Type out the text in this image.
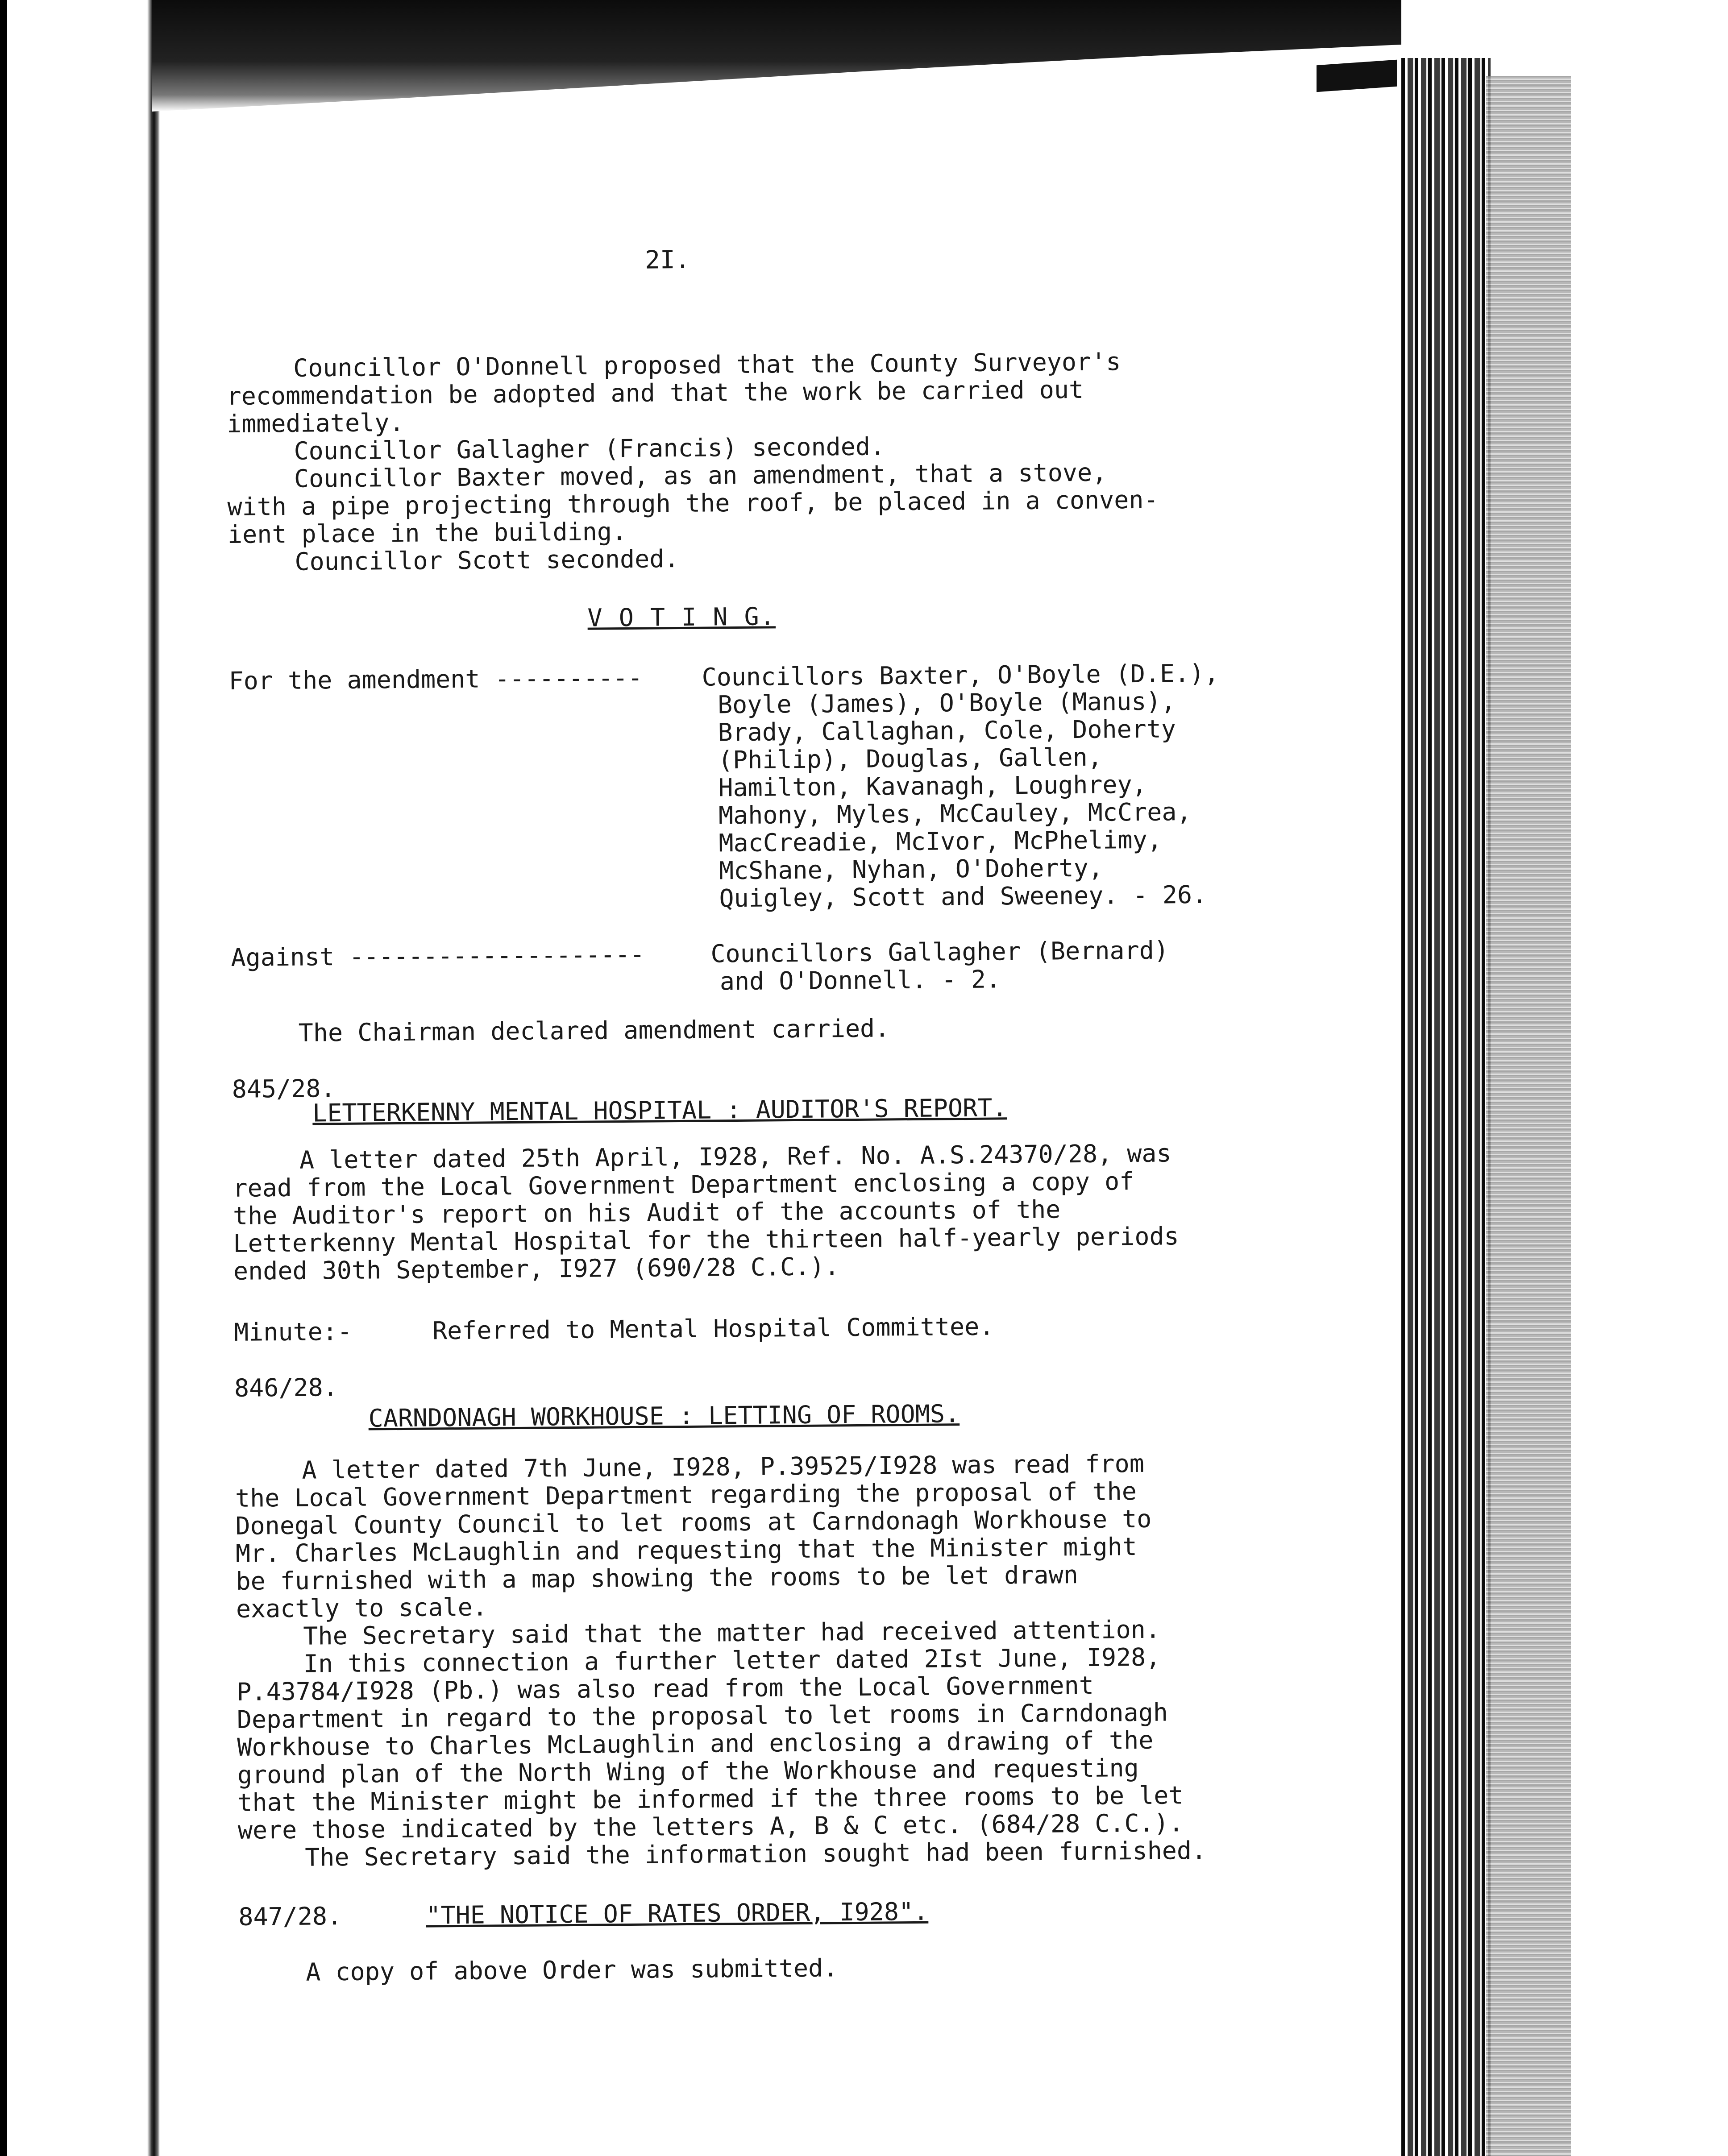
2I.
Councillor O'Donnell proposed that the County Surveyor's
recommendation be adopted and that the work be carried out
immediately.
Councillor Gallagher (Francis) seconded.
Councillor Baxter moved, as an amendment, that a stove,
with a pipe projecting through the roof, be placed in a conven-
ient place in the building.
Councillor Scott seconded.
V O T I N G.
For the amendment ---------- Councillors Baxter, O'Boyle (D.E.),
Boyle (James), O'Boyle (Manus),
Brady, Callaghan, Cole, Doherty
(Philip), Douglas, Gallen,
Hamilton, Kavanagh, Loughrey,
Mahony, Myles, McCauley, McCrea,
MacCreadie, McIvor, McPhelimy,
McShane, Nyhan, O'Doherty,
Quigley, Scott and Sweeney. - 26.
Against --------------------	Councillors Gallagher (Bernard)
and O'Donnell. - 2.
The Chairman declared amendment carried.
845/28.
LETTERKENNY MENTAL HOSPITAL : AUDITOR'S REPORT.
A letter dated 25th April, I928, Ref. No. A.S.24370/28, was
read from the Local Government Department enclosing a copy of
the Auditor's report on his Audit of the accounts of the
Letterkenny Mental Hospital for the thirteen half-yearly periods
ended 30th September, I927 (690/28 C.C.).
Minute:-	Referred to Mental Hospital Committee.
846/28.
CARNDONAGH WORKHOUSE : LETTING OF ROOMS.
A letter dated 7th June, I928, P.39525/I928 was read from
the Local Government Department regarding the proposal of the
Donegal County Council to let rooms at Carndonagh Workhouse to
Mr. Charles McLaughlin and requesting that the Minister might
be furnished with a map showing the rooms to be let drawn
exactly to scale.
The Secretary said that the matter had received attention.
In this connection a further letter dated 2Ist June, I928,
P.43784/I928 (Pb.) was also read from the Local Government
Department in regard to the proposal to let rooms in Carndonagh
Workhouse to Charles McLaughlin and enclosing a drawing of the
ground plan of the North Wing of the Workhouse and requesting
that the Minister might be informed if the three rooms to be let
were those indicated by the letters A, B & C etc. (684/28 C.C.).
The Secretary said the information sought had been furnished.
847/28.	"THE NOTICE OF RATES ORDER, I928".
A copy of above Order was submitted.
